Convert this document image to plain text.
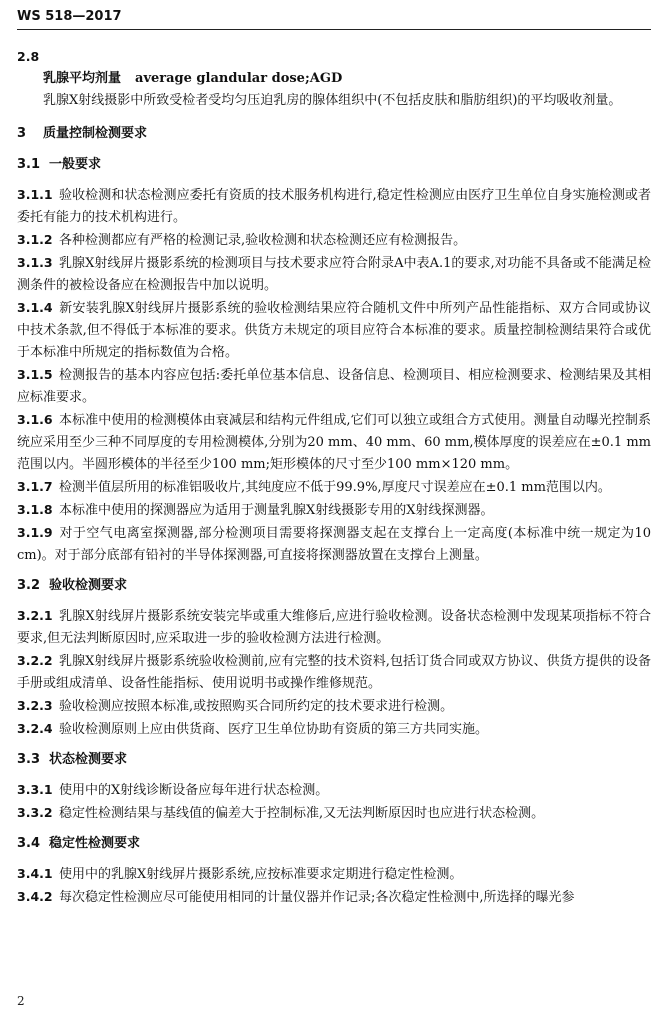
WS 518—2017
2.8
乳腺平均剂量 average glandular dose;AGD

乳腺X射线摄影中所致受检者受均匀压迫乳房的腺体组织中(不包括皮肤和脂肪组织)的平均吸收剂量。

3 质量控制检测要求
3.1 一般要求

3.1.1 验收检测和状态检测应委托有资质的技术服务机构进行,稳定性检测应由医疗卫生单位自身实施检测或者委托有能力的技术机构进行。

3.1.2 各种检测都应有严格的检测记录,验收检测和状态检测还应有检测报告。

3.1.3 乳腺X射线屏片摄影系统的检测项目与技术要求应符合附录A中表A.1的要求,对功能不具备或不能满足检测条件的被检设备应在检测报告中加以说明。

3.1.4 新安装乳腺X射线屏片摄影系统的验收检测结果应符合随机文件中所列产品性能指标、双方合同或协议中技术条款,但不得低于本标准的要求。供货方未规定的项目应符合本标准的要求。质量控制检测结果符合或优于本标准中所规定的指标数值为合格。

3.1.5 检测报告的基本内容应包括:委托单位基本信息、设备信息、检测项目、相应检测要求、检测结果及其相应标准要求。

3.1.6 本标准中使用的检测模体由衰减层和结构元件组成,它们可以独立或组合方式使用。测量自动曝光控制系统应采用至少三种不同厚度的专用检测模体,分别为20 mm、40 mm、60 mm,模体厚度的误差应在±0.1 mm范围以内。半圆形模体的半径至少100 mm;矩形模体的尺寸至少100 mm×120 mm。

3.1.7 检测半值层所用的标准铝吸收片,其纯度应不低于99.9%,厚度尺寸误差应在±0.1 mm范围以内。

3.1.8 本标准中使用的探测器应为适用于测量乳腺X射线摄影专用的X射线探测器。

3.1.9 对于空气电离室探测器,部分检测项目需要将探测器支起在支撑台上一定高度(本标准中统一规定为10 cm)。对于部分底部有铅衬的半导体探测器,可直接将探测器放置在支撑台上测量。

3.2 验收检测要求

3.2.1 乳腺X射线屏片摄影系统安装完毕或重大维修后,应进行验收检测。设备状态检测中发现某项指标不符合要求,但无法判断原因时,应采取进一步的验收检测方法进行检测。

3.2.2 乳腺X射线屏片摄影系统验收检测前,应有完整的技术资料,包括订货合同或双方协议、供货方提供的设备手册或组成清单、设备性能指标、使用说明书或操作维修规范。

3.2.3 验收检测应按照本标准,或按照购买合同所约定的技术要求进行检测。

3.2.4 验收检测原则上应由供货商、医疗卫生单位协助有资质的第三方共同实施。

3.3 状态检测要求

3.3.1 使用中的X射线诊断设备应每年进行状态检测。

3.3.2 稳定性检测结果与基线值的偏差大于控制标准,又无法判断原因时也应进行状态检测。

3.4 稳定性检测要求

3.4.1 使用中的乳腺X射线屏片摄影系统,应按标准要求定期进行稳定性检测。

3.4.2 每次稳定性检测应尽可能使用相同的计量仪器并作记录;各次稳定性检测中,所选择的曝光参

2
